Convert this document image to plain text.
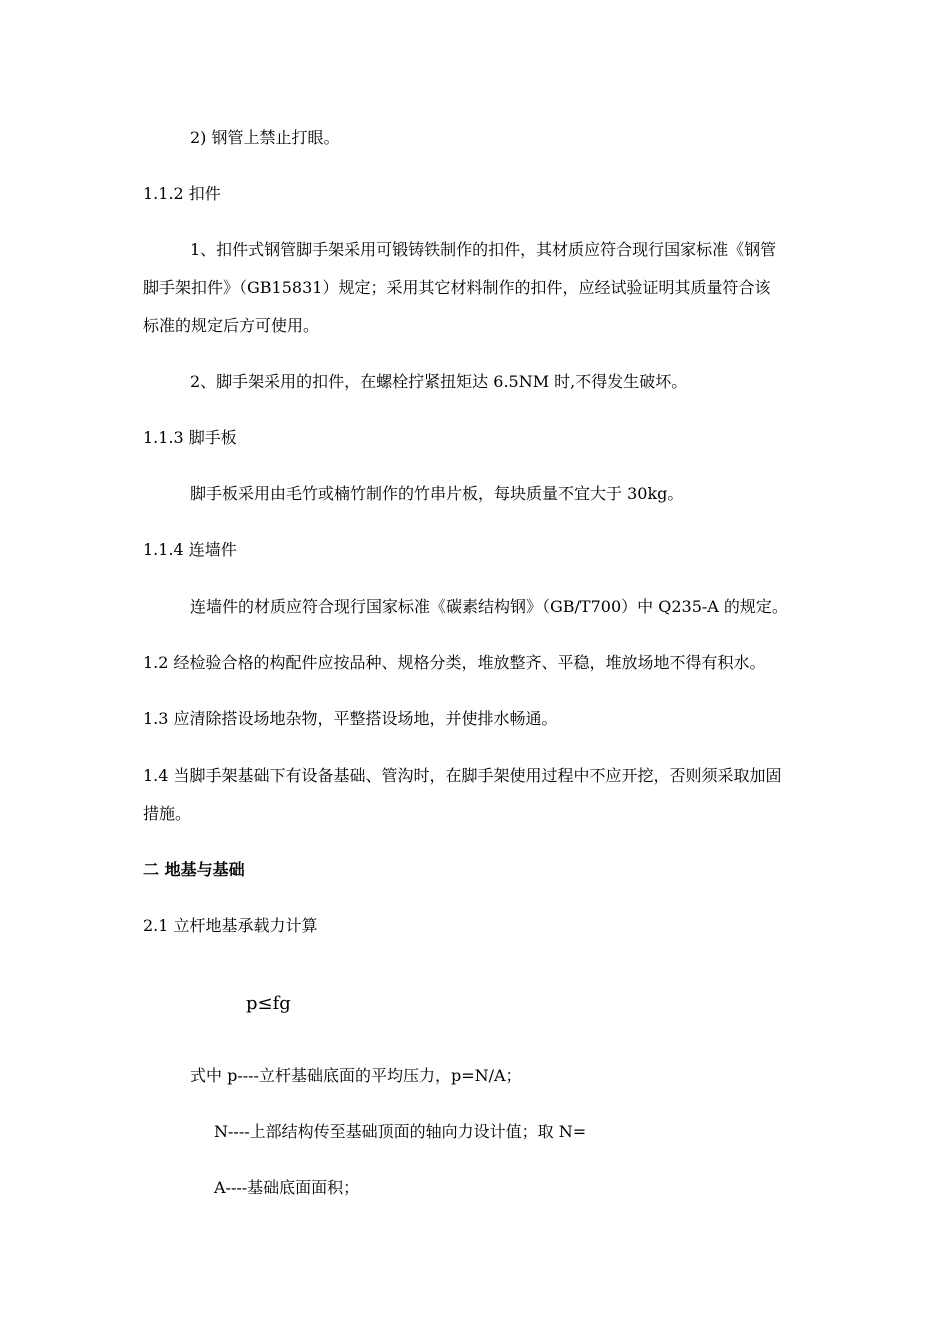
2) 钢管上禁止打眼。
1.1.2 扣件
1、扣件式钢管脚手架采用可锻铸铁制作的扣件，其材质应符合现行国家标准《钢管
脚手架扣件》（GB15831）规定；采用其它材料制作的扣件，应经试验证明其质量符合该
标准的规定后方可使用。
2、脚手架采用的扣件，在螺栓拧紧扭矩达 6.5NM 时,不得发生破坏。
1.1.3 脚手板
脚手板采用由毛竹或楠竹制作的竹串片板，每块质量不宜大于 30kg。
1.1.4 连墙件
连墙件的材质应符合现行国家标准《碳素结构钢》（GB/T700）中 Q235-A 的规定。
1.2 经检验合格的构配件应按品种、规格分类，堆放整齐、平稳，堆放场地不得有积水。
1.3 应清除搭设场地杂物，平整搭设场地，并使排水畅通。
1.4 当脚手架基础下有设备基础、管沟时，在脚手架使用过程中不应开挖，否则须采取加固
措施。
二 地基与基础
2.1 立杆地基承载力计算
p≤fg
式中 p----立杆基础底面的平均压力，p=N/A；
N----上部结构传至基础顶面的轴向力设计值；取 N=
A----基础底面面积；
